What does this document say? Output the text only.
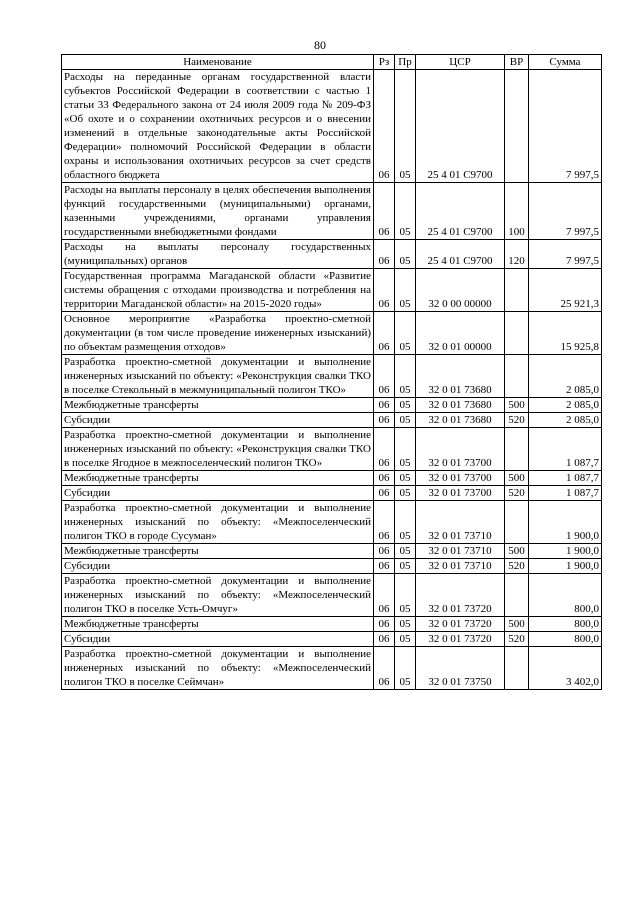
80
Наименование	Рз	Пр	ЦСР	ВР	Сумма
Расходы на переданные органам государственной власти субъектов Российской Федерации в соответствии с частью 1 статьи 33 Федерального закона от 24 июля 2009 года № 209-ФЗ «Об охоте и о сохранении охотничьих ресурсов и о внесении изменений в отдельные законодательные акты Российской Федерации» полномочий Российской Федерации в области охраны и использования охотничьих ресурсов за счет средств областного бюджета	06	05	25 4 01 С9700		7 997,5
Расходы на выплаты персоналу в целях обеспечения выполнения функций государственными (муниципальными) органами, казенными учреждениями, органами управления государственными внебюджетными фондами	06	05	25 4 01 С9700	100	7 997,5
Расходы на выплаты персоналу государственных (муниципальных) органов	06	05	25 4 01 С9700	120	7 997,5
Государственная программа Магаданской области «Развитие системы обращения с отходами производства и потребления на территории Магаданской области» на 2015-2020 годы»	06	05	32 0 00 00000		25 921,3
Основное мероприятие «Разработка проектно-сметной документации (в том числе проведение инженерных изысканий) по объектам размещения отходов»	06	05	32 0 01 00000		15 925,8
Разработка проектно-сметной документации и выполнение инженерных изысканий по объекту: «Реконструкция свалки ТКО в поселке Стекольный в межмуниципальный полигон ТКО»	06	05	32 0 01 73680		2 085,0
Межбюджетные трансферты	06	05	32 0 01 73680	500	2 085,0
Субсидии	06	05	32 0 01 73680	520	2 085,0
Разработка проектно-сметной документации и выполнение инженерных изысканий по объекту: «Реконструкция свалки ТКО в поселке Ягодное в межпоселенческий полигон ТКО»	06	05	32 0 01 73700		1 087,7
Межбюджетные трансферты	06	05	32 0 01 73700	500	1 087,7
Субсидии	06	05	32 0 01 73700	520	1 087,7
Разработка проектно-сметной документации и выполнение инженерных изысканий по объекту: «Межпоселенческий полигон ТКО в городе Сусуман»	06	05	32 0 01 73710		1 900,0
Межбюджетные трансферты	06	05	32 0 01 73710	500	1 900,0
Субсидии	06	05	32 0 01 73710	520	1 900,0
Разработка проектно-сметной документации и выполнение инженерных изысканий по объекту: «Межпоселенческий полигон ТКО в поселке Усть-Омчуг»	06	05	32 0 01 73720		800,0
Межбюджетные трансферты	06	05	32 0 01 73720	500	800,0
Субсидии	06	05	32 0 01 73720	520	800,0
Разработка проектно-сметной документации и выполнение инженерных изысканий по объекту: «Межпоселенческий полигон ТКО в поселке Сеймчан»	06	05	32 0 01 73750		3 402,0
